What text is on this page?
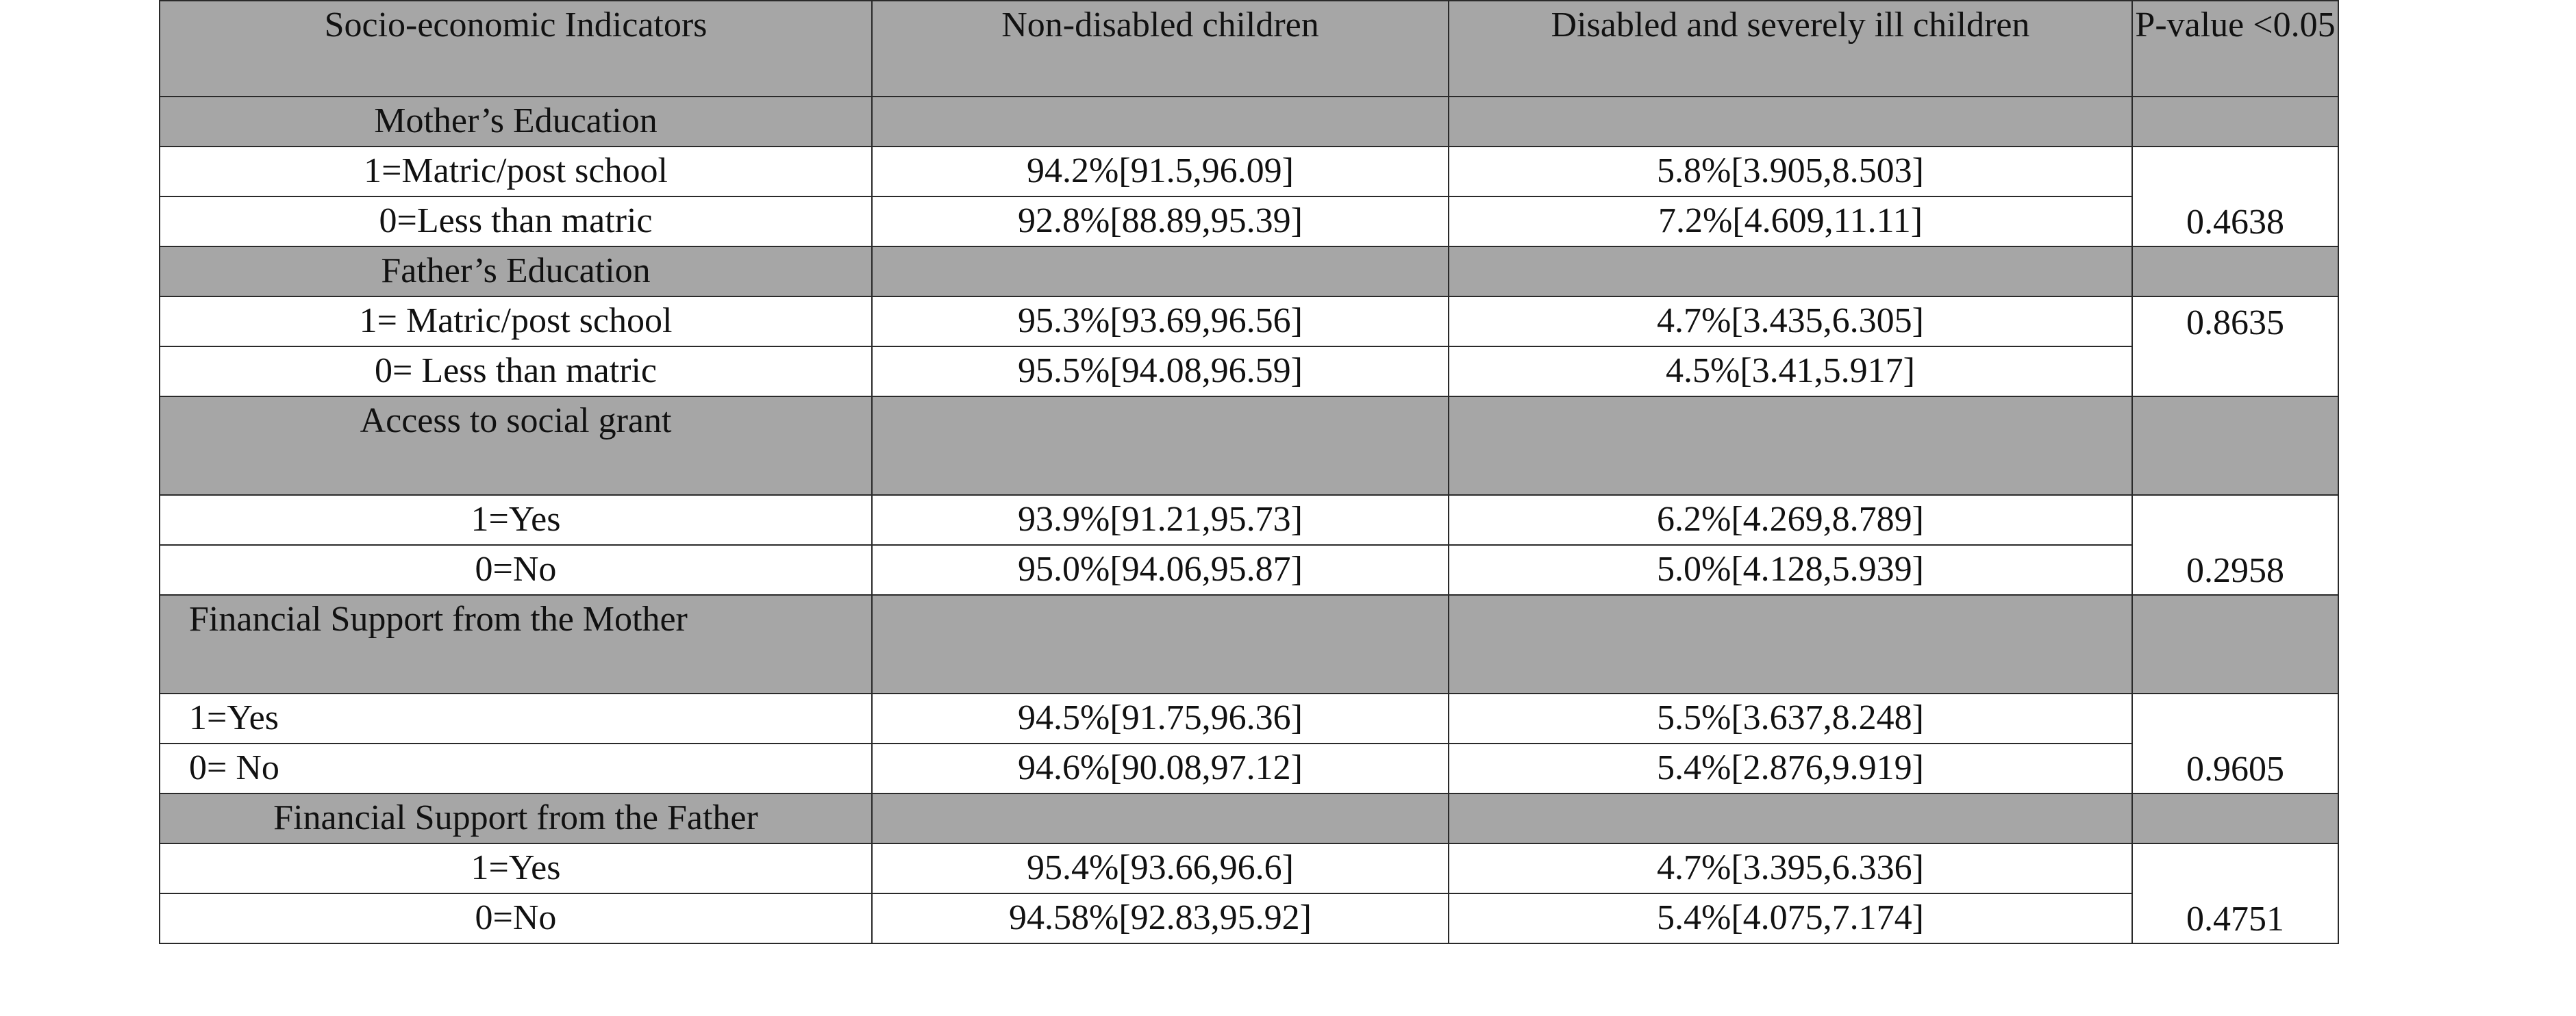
Socio-economic Indicators	Non-disabled children	Disabled and severely ill children	P-value <0.05
Mother’s Education			
1=Matric/post school	94.2%[91.5,96.09]	5.8%[3.905,8.503]	0.4638
0=Less than matric	92.8%[88.89,95.39]	7.2%[4.609,11.11]	
Father’s Education			
1= Matric/post school	95.3%[93.69,96.56]	4.7%[3.435,6.305]	0.8635

0= Less than matric	95.5%[94.08,96.59]	4.5%[3.41,5.917]	
Access to social grant			
1=Yes	93.9%[91.21,95.73]	6.2%[4.269,8.789]	0.2958
0=No	95.0%[94.06,95.87]	5.0%[4.128,5.939]	
Financial Support from the Mother			
1=Yes	94.5%[91.75,96.36]	5.5%[3.637,8.248]	0.9605
0= No	94.6%[90.08,97.12]	5.4%[2.876,9.919]	
Financial Support from the Father			
1=Yes	95.4%[93.66,96.6]	4.7%[3.395,6.336]	0.4751
0=No	94.58%[92.83,95.92]	5.4%[4.075,7.174]	
